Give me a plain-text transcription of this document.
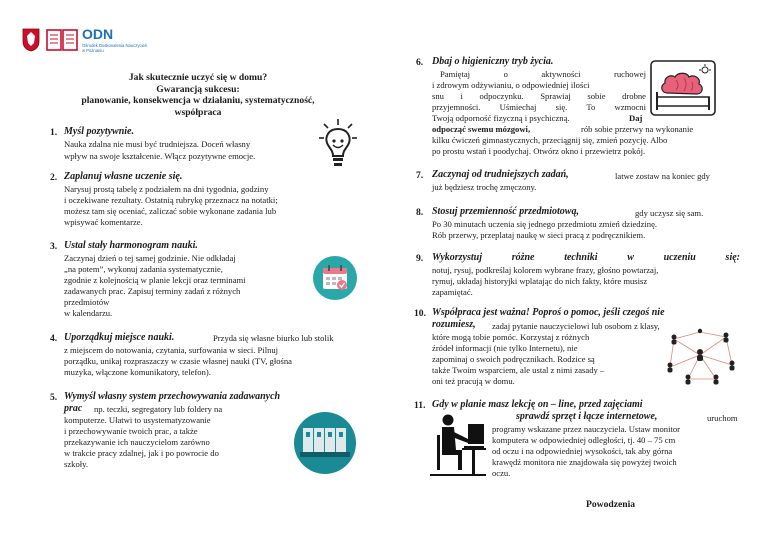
ODN
Ośrodek Doskonalenia Nauczycieli
w Poznaniu
Jak skutecznie uczyć się w domu?
Gwarancją sukcesu:
planowanie, konsekwencja w działaniu, systematyczność,
współpraca
1. Myśl pozytywnie.
Nauka zdalna nie musi być trudniejsza. Doceń własny
wpływ na swoje kształcenie. Włącz pozytywne emocje.
2. Zaplanuj własne uczenie się.
Narysuj prostą tabelę z podziałem na dni tygodnia, godziny
i oczekiwane rezultaty. Ostatnią rubrykę przeznacz na notatki;
możesz tam się oceniać, zaliczać sobie wykonane zadania lub
wpisywać komentarze.
3. Ustal stały harmonogram nauki.
Zaczynaj dzień o tej samej godzinie. Nie odkładaj
„na potem”, wykonuj zadania systematycznie,
zgodnie z kolejnością w planie lekcji oraz terminami
zadawanych prac. Zapisuj terminy zadań z różnych
przedmiotów
w kalendarzu.
4. Uporządkuj miejsce nauki.	Przyda się własne biurko lub stolik
z miejscem do notowania, czytania, surfowania w sieci. Pilnuj
porządku, unikaj rozpraszaczy w czasie własnej nauki (TV, głośna
muzyka, włączone komunikatory, telefon).
5. Wymyśl własny system przechowywania zadawanych
prac np. teczki, segregatory lub foldery na
komputerze. Ułatwi to usystematyzowanie
i przechowywanie twoich prac, a także
przekazywanie ich nauczycielom zarówno
w trakcie pracy zdalnej, jak i po powrocie do
szkoły.
6. Dbaj o higieniczny tryb życia.
Pamiętaj o aktywności ruchowej
i zdrowym odżywianiu, o odpowiedniej ilości
snu i odpoczynku. Sprawiaj sobie drobne
przyjemności. Uśmiechaj się. To wzmocni
Twoją odporność fizyczną i psychiczną.	Daj
odpocząć swemu mózgowi,	rób sobie przerwy na wykonanie
kilku ćwiczeń gimnastycznych, przeciągnij się, zmień pozycję. Albo
po prostu wstań i poodychaj. Otwórz okno i przewietrz pokój.
7. Zaczynaj od trudniejszych zadań,	latwe zostaw na koniec gdy
już będziesz trochę zmęczony.
8. Stosuj przemienność przedmiotową,	gdy uczysz się sam.
Po 30 minutach uczenia się jednego przedmiotu zmień dziedzinę.
Rób przerwy, przeplataj naukę w sieci pracą z podręcznikiem.
9. Wykorzystuj różne techniki w uczeniu się:
notuj, rysuj, podkreślaj kolorem wybrane frazy, głośno powtarzaj,
rymuj, układaj historyjki wplatając do nich fakty, które musisz
zapamiętać.
10. Współpraca jest ważna! Poproś o pomoc, jeśli czegoś nie
rozumiesz, zadaj pytanie nauczycielowi lub osobom z klasy,
które mogą tobie pomóc. Korzystaj z różnych
źródeł informacji (nie tylko Internetu), nie
zapominaj o swoich podręcznikach. Rodzice są
także Twoim wsparciem, ale ustal z nimi zasady –
oni też pracują w domu.
11. Gdy w planie masz lekcję on – line, przed zajęciami
sprawdź sprzęt i łącze internetowe,	uruchom
programy wskazane przez nauczyciela. Ustaw monitor
komputera w odpowiedniej odległości, tj. 40 – 75 cm
od oczu i na odpowiedniej wysokości, tak aby górna
krawędź monitora nie znajdowała się powyżej twoich
oczu.
Powodzenia
